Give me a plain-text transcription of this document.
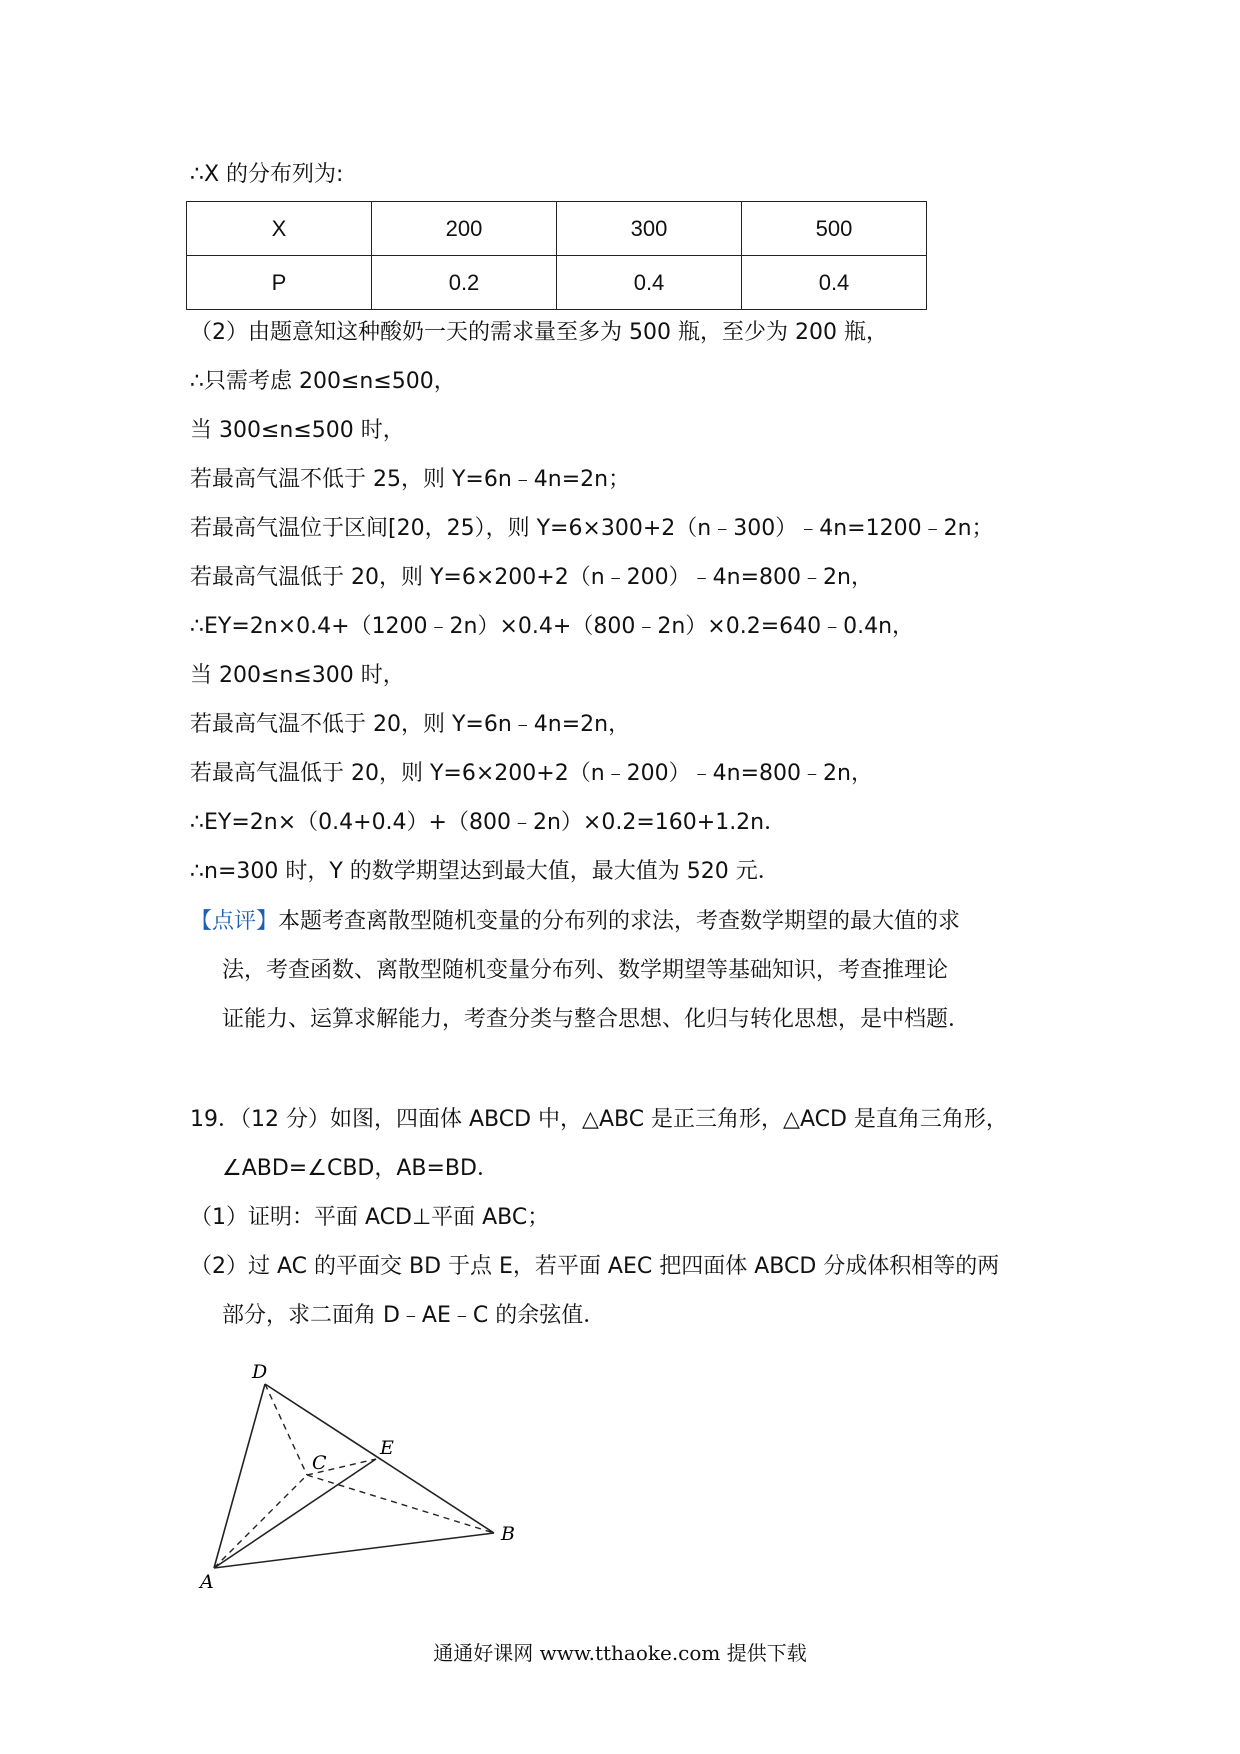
∴X 的分布列为:
X	200	300	500
P	0.2	0.4	0.4
（2）由题意知这种酸奶一天的需求量至多为 500 瓶，至少为 200 瓶，
∴只需考虑 200≤n≤500，
当 300≤n≤500 时，
若最高气温不低于 25，则 Y=6n﹣4n=2n；
若最高气温位于区间[20，25），则 Y=6×300+2（n﹣300）﹣4n=1200﹣2n；
若最高气温低于 20，则 Y=6×200+2（n﹣200）﹣4n=800﹣2n，
∴EY=2n×0.4+（1200﹣2n）×0.4+（800﹣2n）×0.2=640﹣0.4n，
当 200≤n≤300 时，
若最高气温不低于 20，则 Y=6n﹣4n=2n，
若最高气温低于 20，则 Y=6×200+2（n﹣200）﹣4n=800﹣2n，
∴EY=2n×（0.4+0.4）+（800﹣2n）×0.2=160+1.2n．
∴n=300 时，Y 的数学期望达到最大值，最大值为 520 元．
【点评】本题考查离散型随机变量的分布列的求法，考查数学期望的最大值的求
法，考查函数、离散型随机变量分布列、数学期望等基础知识，考查推理论
证能力、运算求解能力，考查分类与整合思想、化归与转化思想，是中档题．
19．（12 分）如图，四面体 ABCD 中，△ABC 是正三角形，△ACD 是直角三角形，
∠ABD=∠CBD，AB=BD．
（1）证明：平面 ACD⊥平面 ABC；
（2）过 AC 的平面交 BD 于点 E，若平面 AEC 把四面体 ABCD 分成体积相等的两
部分，求二面角 D﹣AE﹣C 的余弦值．
D
A
B
C
E
通通好课网 www.tthaoke.com 提供下载
